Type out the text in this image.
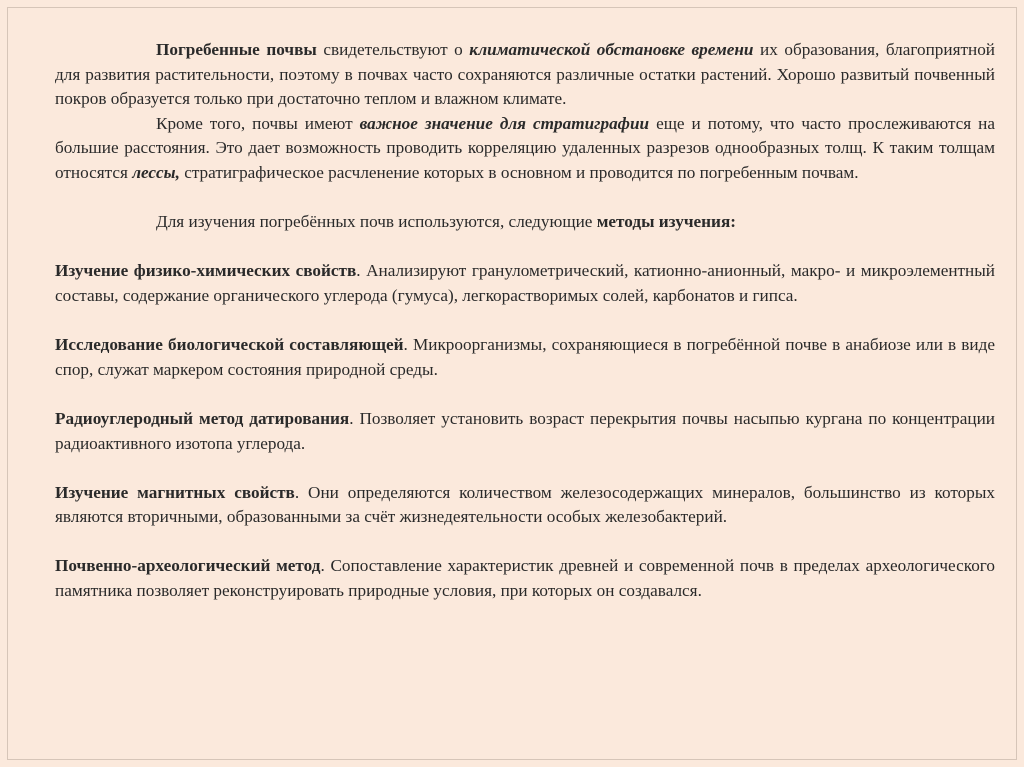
Погребенные почвы свидетельствуют о климатической обстановке времени их образования, благоприятной для развития растительности, поэтому в почвах часто сохраняются различные остатки растений. Хорошо развитый почвенный покров образуется только при достаточно теплом и влажном климате.

Кроме того, почвы имеют важное значение для стратиграфии еще и потому, что часто прослеживаются на большие расстояния. Это дает возможность проводить корреляцию удаленных разрезов однообразных толщ. К таким толщам относятся лессы, стратиграфическое расчленение которых в основном и проводится по погребенным почвам.

Для изучения погребённых почв используются, следующие методы изучения:

Изучение физико-химических свойств. Анализируют гранулометрический, катионно-анионный, макро- и микроэлементный составы, содержание органического углерода (гумуса), легкорастворимых солей, карбонатов и гипса.

Исследование биологической составляющей. Микроорганизмы, сохраняющиеся в погребённой почве в анабиозе или в виде спор, служат маркером состояния природной среды.

Радиоуглеродный метод датирования. Позволяет установить возраст перекрытия почвы насыпью кургана по концентрации радиоактивного изотопа углерода.

Изучение магнитных свойств. Они определяются количеством железосодержащих минералов, большинство из которых являются вторичными, образованными за счёт жизнедеятельности особых железобактерий.

Почвенно-археологический метод. Сопоставление характеристик древней и современной почв в пределах археологического памятника позволяет реконструировать природные условия, при которых он создавался.
